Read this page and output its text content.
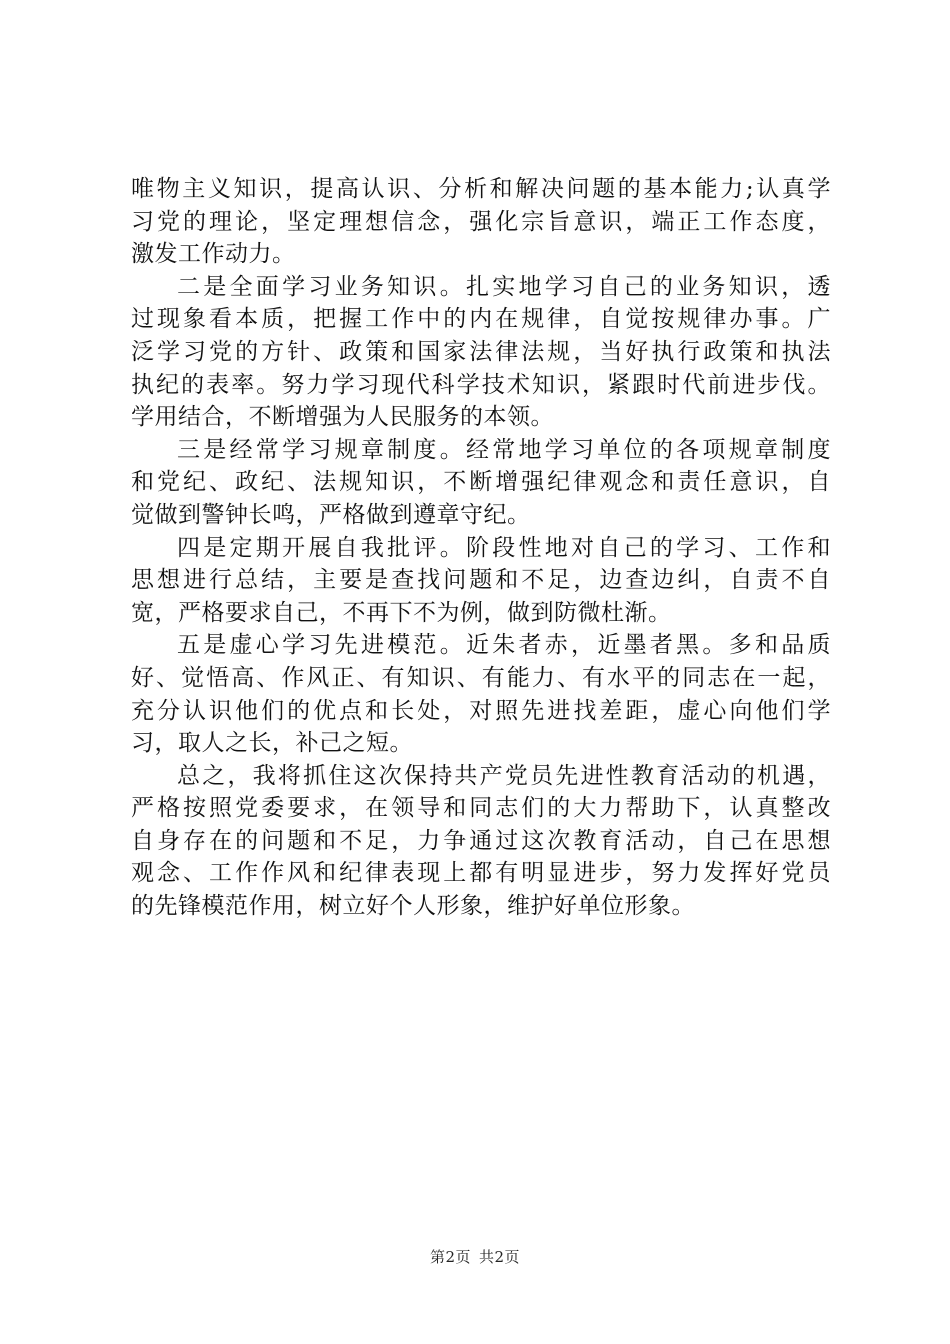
唯物主义知识，提高认识、分析和解决问题的基本能力;认真学
习党的理论，坚定理想信念，强化宗旨意识，端正工作态度，
激发工作动力。
二是全面学习业务知识。扎实地学习自己的业务知识，透
过现象看本质，把握工作中的内在规律，自觉按规律办事。广
泛学习党的方针、政策和国家法律法规，当好执行政策和执法
执纪的表率。努力学习现代科学技术知识，紧跟时代前进步伐。
学用结合，不断增强为人民服务的本领。
三是经常学习规章制度。经常地学习单位的各项规章制度
和党纪、政纪、法规知识，不断增强纪律观念和责任意识，自
觉做到警钟长鸣，严格做到遵章守纪。
四是定期开展自我批评。阶段性地对自己的学习、工作和
思想进行总结，主要是查找问题和不足，边查边纠，自责不自
宽，严格要求自己，不再下不为例，做到防微杜渐。
五是虚心学习先进模范。近朱者赤，近墨者黑。多和品质
好、觉悟高、作风正、有知识、有能力、有水平的同志在一起，
充分认识他们的优点和长处，对照先进找差距，虚心向他们学
习，取人之长，补己之短。
总之，我将抓住这次保持共产党员先进性教育活动的机遇，
严格按照党委要求，在领导和同志们的大力帮助下，认真整改
自身存在的问题和不足，力争通过这次教育活动，自己在思想
观念、工作作风和纪律表现上都有明显进步，努力发挥好党员
的先锋模范作用，树立好个人形象，维护好单位形象。
第2页 共2页
